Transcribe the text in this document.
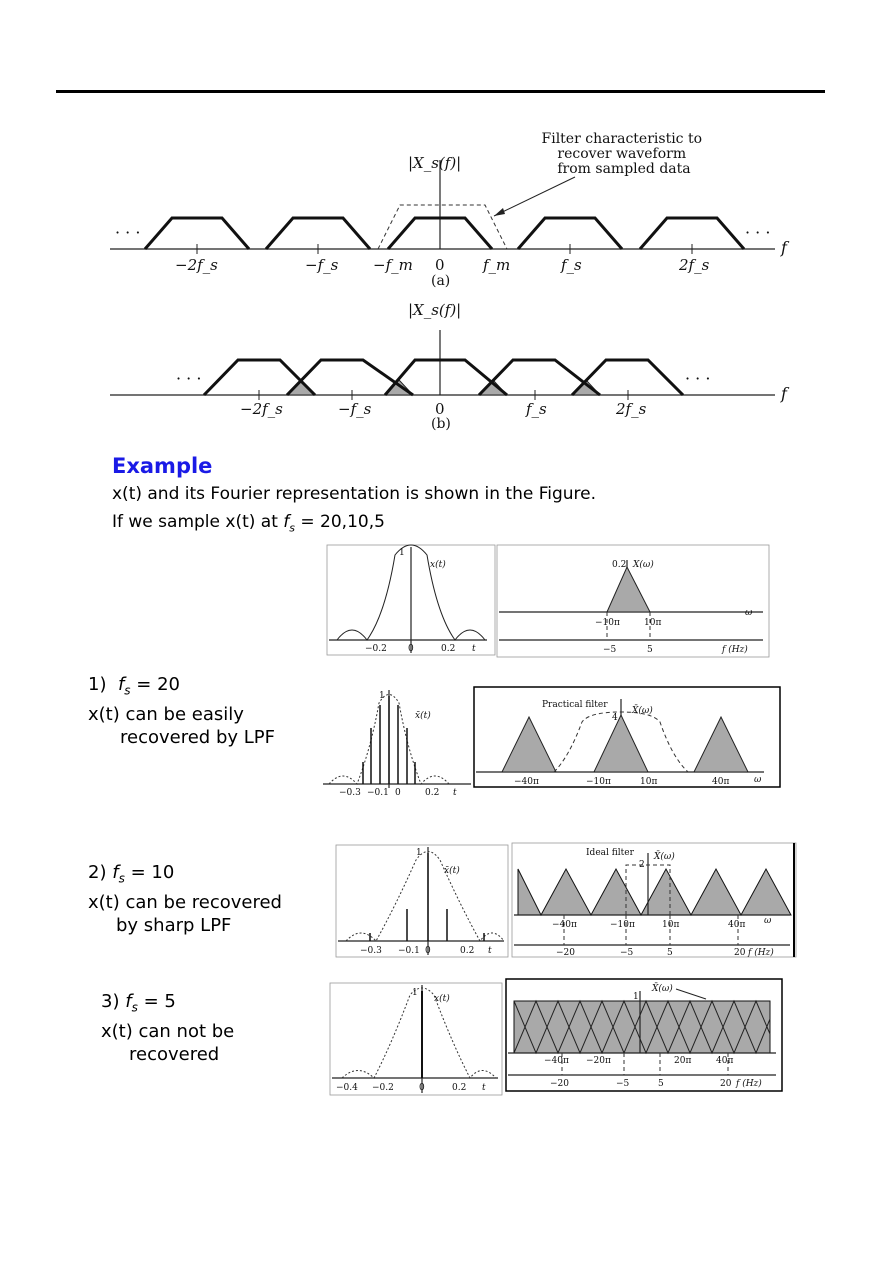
· · ·	· · ·
|X_s(f)|
f
−2f_s	−f_s −f_m 0	f_m	f_s	2f_s
(a)
Filter characteristic to recover waveform from sampled data
· · ·	· · ·
|X_s(f)|
f
−2f_s	−f_s	0	f_s	2f_s
(b)
Example
x(t) and its Fourier representation is shown in the Figure.
If we sample x(t) at $f_s = 20,10,5$
1
x(t)
−0.2 0	0.2 t
0.2 X(ω)
−10π	10π
ω
−5	5	f (Hz)
1) $f_s = 20$
x(t) can be easily
recovered by LPF
1
x̄(t)
−0.3 −0.1 0	0.2 t
Practical filter
4
X̄(ω)
−40π	−10π	10π	40π	ω
2) $f_s = 10$
x(t) can be recovered
by sharp LPF
1
x̄(t)
−0.3 −0.1 0	0.2 t
Ideal filter
2
X̄(ω)
−40π	−10π	10π	40π ω
−20	−5	5	20 f (Hz)
3) $f_s = 5$
x(t) can not be
recovered
1
x(t)
−0.4 −0.2	0	0.2 t
1
X̄(ω)
−40π −20π	20π	40π
−20	−5	5	20 f (Hz)
